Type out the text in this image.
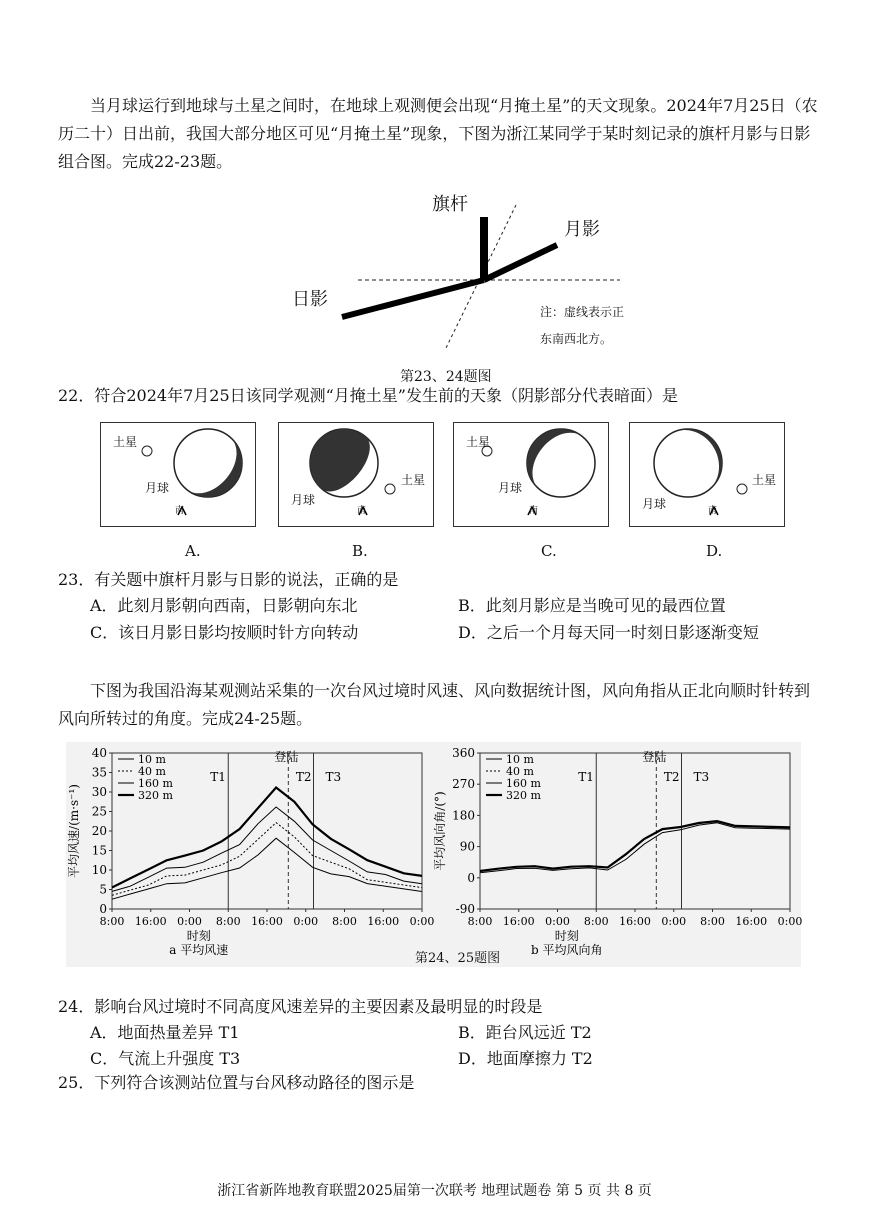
当月球运行到地球与土星之间时，在地球上观测便会出现“月掩土星”的天文现象。2024年7月25日（农历二十）日出前，我国大部分地区可见“月掩土星”现象，下图为浙江某同学于某时刻记录的旗杆月影与日影组合图。完成22-23题。
旗杆
月影
日影
注：虚线表示正
东南西北方。
第23、24题图
22．符合2024年7月25日该同学观测“月掩土星”发生前的天象（阴影部分代表暗面）是
土星
月球
南
A.
土星
月球
南
B.
土星
月球
南
C.
土星
月球	南
D.
23．有关题中旗杆月影与日影的说法，正确的是
A．此刻月影朝向西南，日影朝向东北	B．此刻月影应是当晚可见的最西位置
C．该日月影日影均按顺时针方向转动	D．之后一个月每天同一时刻日影逐渐变短
下图为我国沿海某观测站采集的一次台风过境时风速、风向数据统计图，风向角指从正北向顺时针转到风向所转过的角度。完成24-25题。
0
5
10
15
20
25
30
35
40
8:00 16:00 0:00 8:00 16:00 0:00 8:00 16:00 0:00
时刻
平均风速/(m·s⁻¹)
a 平均风速
T1	T2 T3
登陆
10 m
40 m
160 m
320 m
-90
0
90
180
270
360
8:00 16:00 0:00 8:00 16:00 0:00 8:00 16:00 0:00
时刻
平均风向角/(°)
b 平均风向角
T1	T2 T3
登陆
10 m
40 m
160 m
320 m
第24、25题图
24．影响台风过境时不同高度风速差异的主要因素及最明显的时段是
A．地面热量差异 T1	B．距台风远近 T2
C．气流上升强度 T3	D．地面摩擦力 T2
25．下列符合该测站位置与台风移动路径的图示是
浙江省新阵地教育联盟2025届第一次联考 地理试题卷 第 5 页 共 8 页
